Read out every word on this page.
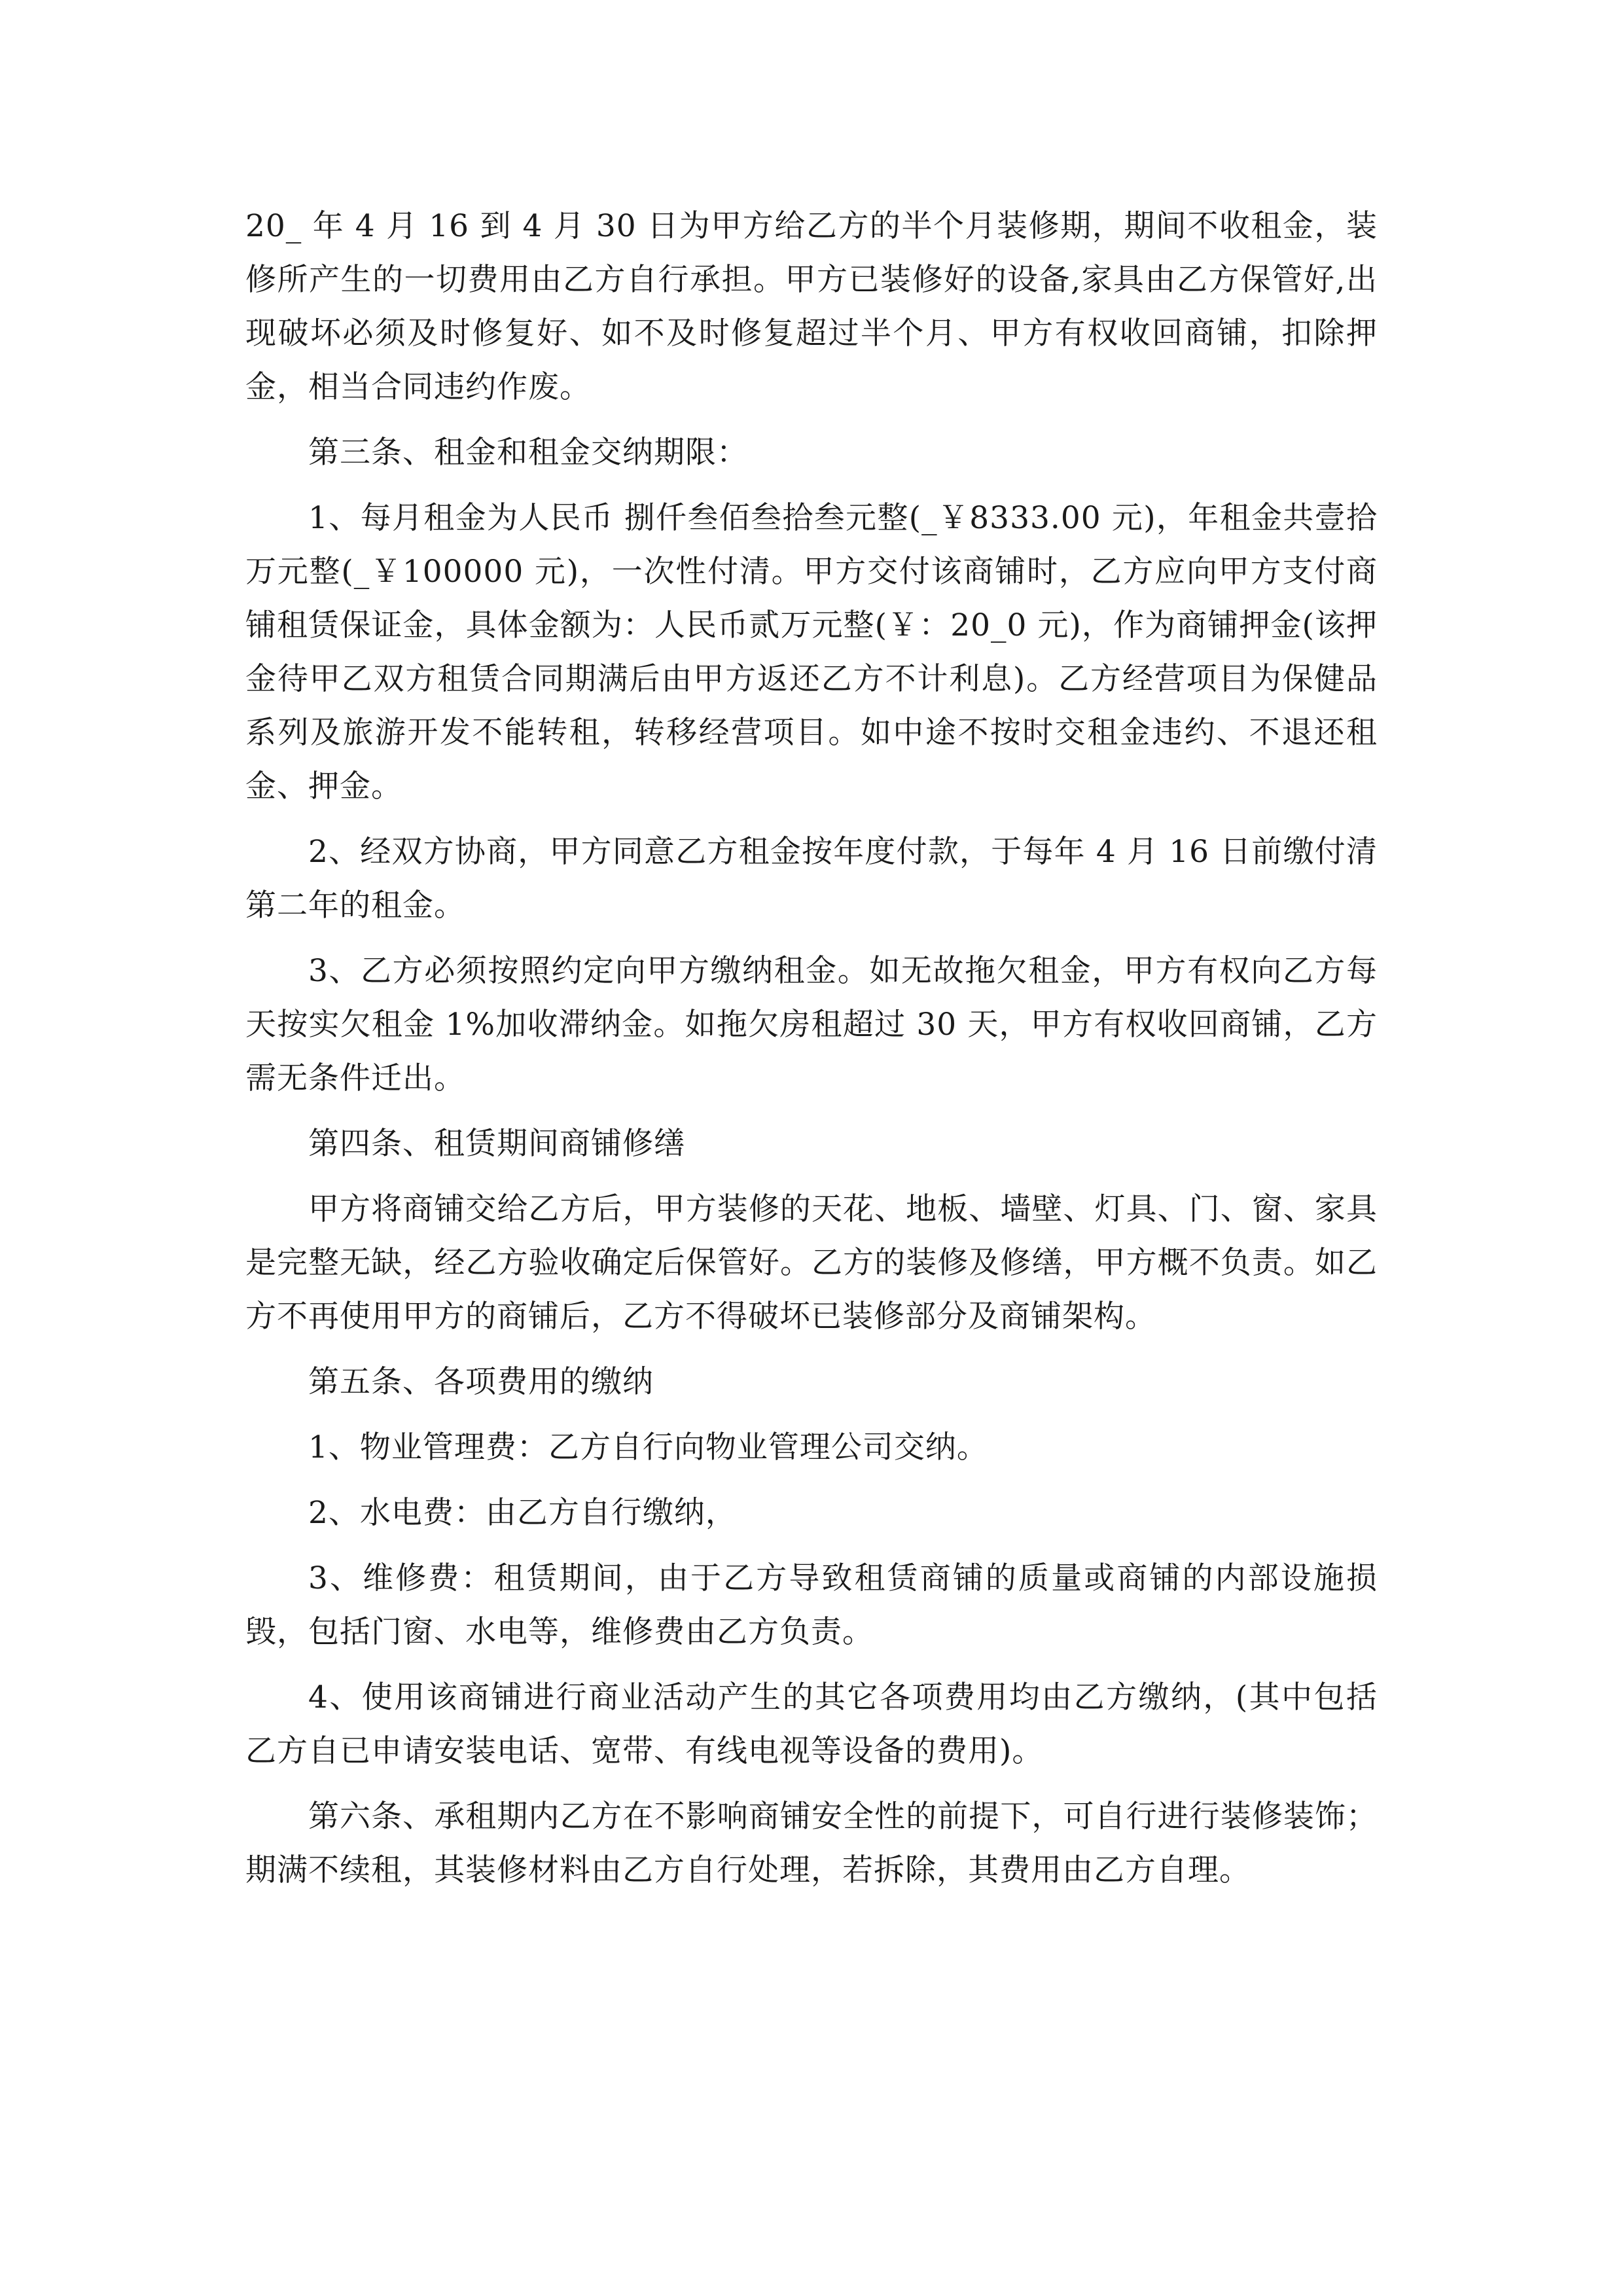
20_ 年 4 月 16 到 4 月 30 日为甲方给乙方的半个月装修期，期间不收租金，装修所产生的一切费用由乙方自行承担。甲方已装修好的设备,家具由乙方保管好,出现破坏必须及时修复好、如不及时修复超过半个月、甲方有权收回商铺，扣除押金，相当合同违约作废。

第三条、租金和租金交纳期限：

1、每月租金为人民币 捌仟叁佰叁拾叁元整(_￥8333.00 元)，年租金共壹拾万元整(_￥100000 元)，一次性付清。甲方交付该商铺时，乙方应向甲方支付商铺租赁保证金，具体金额为：人民币贰万元整(￥：20_0 元)，作为商铺押金(该押金待甲乙双方租赁合同期满后由甲方返还乙方不计利息)。乙方经营项目为保健品系列及旅游开发不能转租，转移经营项目。如中途不按时交租金违约、不退还租金、押金。

2、经双方协商，甲方同意乙方租金按年度付款，于每年 4 月 16 日前缴付清第二年的租金。

3、乙方必须按照约定向甲方缴纳租金。如无故拖欠租金，甲方有权向乙方每天按实欠租金 1%加收滞纳金。如拖欠房租超过 30 天，甲方有权收回商铺，乙方需无条件迁出。

第四条、租赁期间商铺修缮

甲方将商铺交给乙方后，甲方装修的天花、地板、墙壁、灯具、门、窗、家具是完整无缺，经乙方验收确定后保管好。乙方的装修及修缮，甲方概不负责。如乙方不再使用甲方的商铺后，乙方不得破坏已装修部分及商铺架构。

第五条、各项费用的缴纳

1、物业管理费：乙方自行向物业管理公司交纳。

2、水电费：由乙方自行缴纳，

3、维修费：租赁期间，由于乙方导致租赁商铺的质量或商铺的内部设施损毁，包括门窗、水电等，维修费由乙方负责。

4、使用该商铺进行商业活动产生的其它各项费用均由乙方缴纳，(其中包括乙方自已申请安装电话、宽带、有线电视等设备的费用)。

第六条、承租期内乙方在不影响商铺安全性的前提下，可自行进行装修装饰；期满不续租，其装修材料由乙方自行处理，若拆除，其费用由乙方自理。
